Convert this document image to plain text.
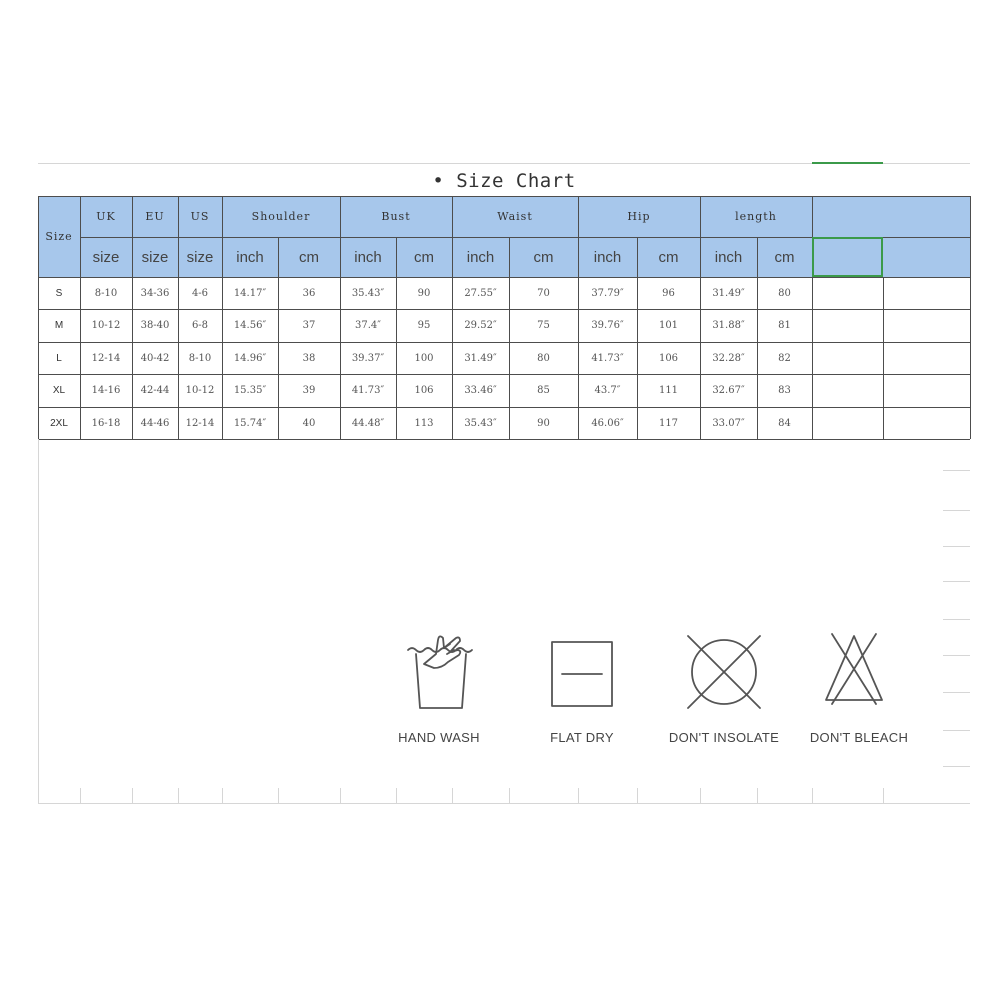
• Size Chart
Size
UK	EU	US	Shoulder	Bust	Waist	Hip	length
size	size	size	inch	cm	inch	cm	inch	cm	inch	cm	inch	cm
S	8-10	34-36	4-6	14.17″	36	35.43″	90	27.55″	70	37.79″	96	31.49″	80
M	10-12	38-40	6-8	14.56″	37	37.4″	95	29.52″	75	39.76″	101	31.88″	81
L	12-14	40-42	8-10	14.96″	38	39.37″	100	31.49″	80	41.73″	106	32.28″	82
XL	14-16	42-44	10-12	15.35″	39	41.73″	106	33.46″	85	43.7″	111	32.67″	83
2XL	16-18	44-46	12-14	15.74″	40	44.48″	113	35.43″	90	46.06″	117	33.07″	84
HAND WASH	FLAT DRY	DON'T INSOLATE DON'T BLEACH
